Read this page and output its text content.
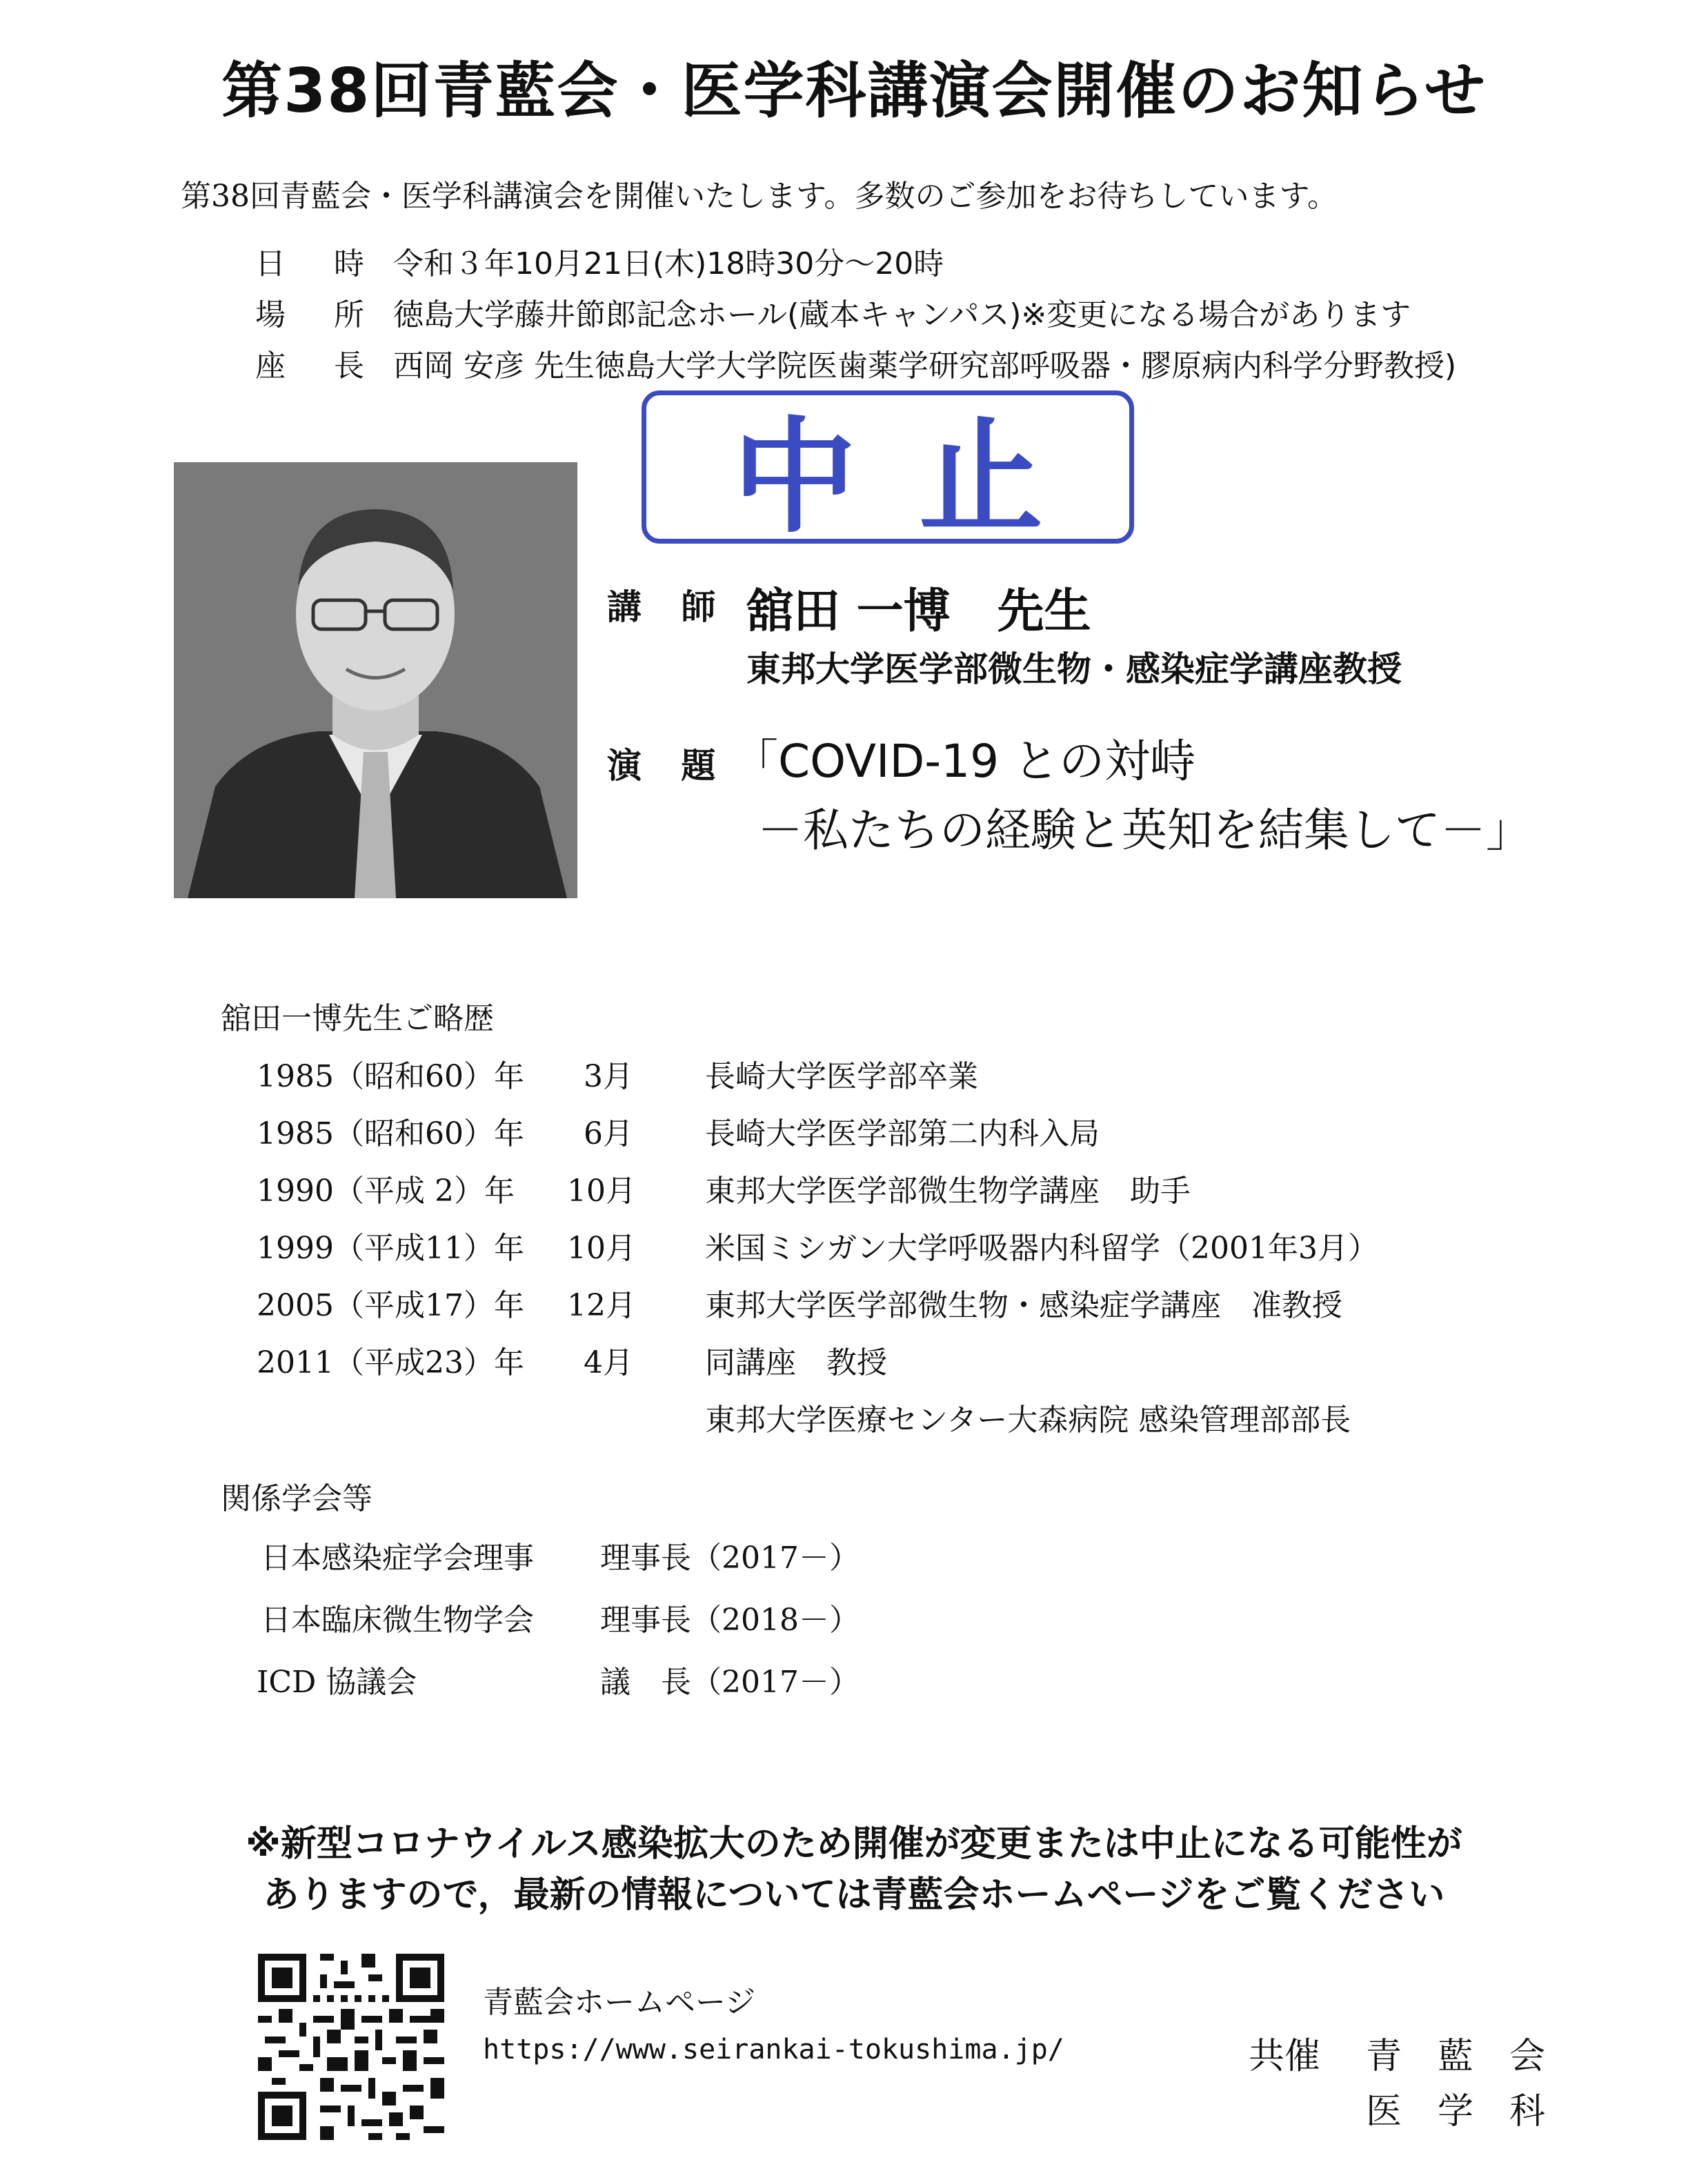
第38回青藍会・医学科講演会開催のお知らせ
第38回青藍会・医学科講演会を開催いたします。多数のご参加をお待ちしています。
日 時 令和３年10月21日(木)18時30分～20時
場 所 徳島大学藤井節郎記念ホール(蔵本キャンパス)※変更になる場合があります
座 長 西岡 安彦 先生徳島大学大学院医歯薬学研究部呼吸器・膠原病内科学分野教授)
中止
講 師 舘田 一博　先生
東邦大学医学部微生物・感染症学講座教授
演 題 「COVID-19 との対峙
－私たちの経験と英知を結集して－」
舘田一博先生ご略歴
1985（昭和60）年 3月 長崎大学医学部卒業
1985（昭和60）年 6月 長崎大学医学部第二内科入局
1990（平成 2）年 10月 東邦大学医学部微生物学講座　助手
1999（平成11）年 10月 米国ミシガン大学呼吸器内科留学（2001年3月）
2005（平成17）年 12月 東邦大学医学部微生物・感染症学講座　准教授
2011（平成23）年 4月 同講座　教授
東邦大学医療センター大森病院 感染管理部部長
関係学会等
日本感染症学会理事 理事長（2017－）
日本臨床微生物学会 理事長（2018－）
ICD 協議会	議　長（2017－）
※新型コロナウイルス感染拡大のため開催が変更または中止になる可能性が
ありますので，最新の情報については青藍会ホームページをご覧ください
青藍会ホームページ
https://www.seirankai-tokushima.jp/	共催 青　藍　会
医　学　科
